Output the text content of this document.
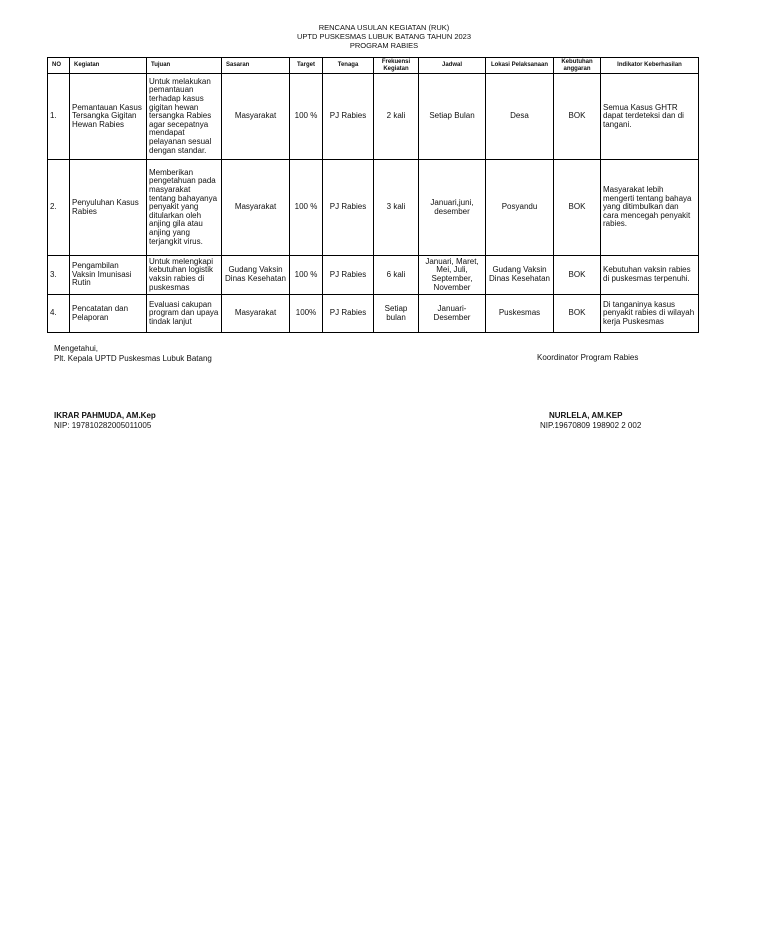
RENCANA USULAN KEGIATAN (RUK)
UPTD PUSKESMAS LUBUK BATANG TAHUN 2023
PROGRAM RABIES
NO	Kegiatan	Tujuan	Sasaran	Target	Tenaga	Frekuensi Kegiatan	Jadwal	Lokasi Pelaksanaan	Kebutuhan anggaran	Indikator Keberhasilan
1.	Pemantauan Kasus Tersangka Gigitan Hewan Rabies	Untuk melakukan pemantauan terhadap kasus gigitan hewan tersangka Rabies agar secepatnya mendapat pelayanan sesual dengan standar.	Masyarakat	100 %	PJ Rabies	2 kali	Setiap Bulan	Desa	BOK	Semua Kasus GHTR dapat terdeteksi dan di tangani.
2.	Penyuluhan Kasus Rabies	Memberikan pengetahuan pada masyarakat tentang bahayanya penyakit yang ditularkan oleh anjing gila atau anjing yang terjangkit virus.	Masyarakat	100 %	PJ Rabies	3 kali	Januari,juni, desember	Posyandu	BOK	Masyarakat lebih mengerti tentang bahaya yang ditimbulkan dan cara mencegah penyakit rabies.
3.	Pengambilan Vaksin Imunisasi Rutin	Untuk melengkapi kebutuhan logistik vaksin rabies di puskesmas	Gudang Vaksin Dinas Kesehatan	100 %	PJ Rabies	6 kali	Januari, Maret, Mei, Juli, September, November	Gudang Vaksin Dinas Kesehatan	BOK	Kebutuhan vaksin rabies di puskesmas terpenuhi.
4.	Pencatatan dan Pelaporan	Evaluasi cakupan program dan upaya tindak lanjut	Masyarakat	100%	PJ Rabies	Setiap bulan	Januari-Desember	Puskesmas	BOK	Di tanganinya kasus penyakit rabies di wilayah kerja Puskesmas
Mengetahui,
Plt. Kepala UPTD Puskesmas Lubuk Batang	Koordinator Program Rabies
IKRAR PAHMUDA, AM.Kep
NIP: 197810282005011005
NURLELA, AM.KEP
NIP.19670809 198902 2 002
